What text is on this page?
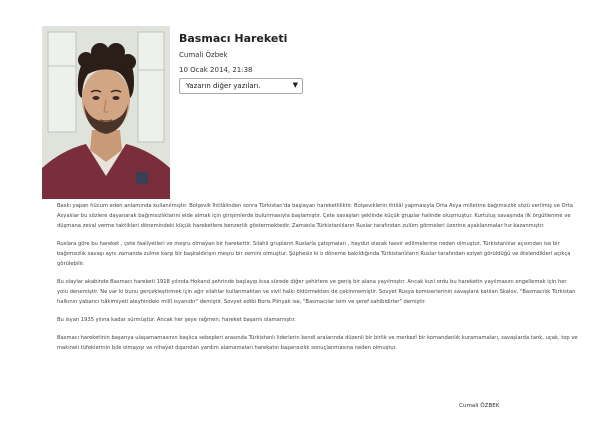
Basmacı Hareketi
Cumali Özbek
10 Ocak 2014, 21:38
Yazarın diğer yazıları.	▼

Baskı yapan hücum eden anlamında kullanılmıştır. Bolşevik İhtilâlinden sonra Türkistan'da başlayan hareketliliktir. Bolşeviklerin ihtilâl yapmasıyla Orta Asya milletine bağımsızlık sözü verilmiş ve Orta Asyalılar bu sözlere dayanarak bağımsızlıklarını elde almak için girişimlerde bulunmasıyla başlamıştır. Çete savaşları şeklinde küçük gruplar halinde oluşmuştur. Kurtuluş savaşında ilk örgütlenme ve düşmana zeval verme taktikleri dönemindeki küçük hareketlere benzerlik göstermektedir. Zamanla Türkistanlıların Ruslar tarafından zulüm görmeleri üzerine ayaklanmalar hız kazanmıştır.

Ruslara göre bu hareket , çete faaliyetleri ve meşru olmayan bir harekettir. Silahlı grupların Ruslarla çatışmaları , haydut olarak tasvir edilmelerine neden olmuştur. Türkistanlılar açısından ise bir bağımsızlık savaşı aynı zamanda zulme karşı bir başkaldırışın meşru bir zemini olmuştur. Şüphesiz ki o döneme bakıldığında Türkistanlıların Ruslar tarafından eziyet görüldüğü ve ötelendikleri açıkça görülebilir.

Bu olaylar akabinde Basmacı hareketi 1918 yılında Hokand şehrinde başlayıp kısa sürede diğer şehirlere ve geniş bir alana yayılmıştır. Ancak kızıl ordu bu hareketin yayılmasını engellemek için her yolu denemiştir. Ne var ki bunu gerçekleştirmek için ağır silahlar kullanmaktan ve sivil halkı öldürmekten de çekinmemiştir. Sovyet Rusya komiserlerinin savaşlara katılan Skalov, "Basmacılık Türkistan halkının yabancı hâkimiyeti aleyhindeki millî isyanıdır" demiştir. Sovyet edibi Boris Pilnyak ise, "Basmacılar isim ve şeref sahibidirler" demiştir.

Bu isyan 1935 yılına kadar sürmüştür. Ancak her şeye rağmen; hareket başarılı olamamıştır.

Basmacı hareketinin başarıya ulaşamamasının başlıca sebepleri arasında Türkistanlı liderlerin kendi aralarında düzenli bir birlik ve merkezî bir komandanlık kuramamaları, savaşlarda tank, uçak, top ve makineli tüfeklerinin bile olmayışı ve nihayet dışarıdan yardım alamamaları harekatın başarısızlık sonuçlanmasına neden olmuştur.

Cumali ÖZBEK
